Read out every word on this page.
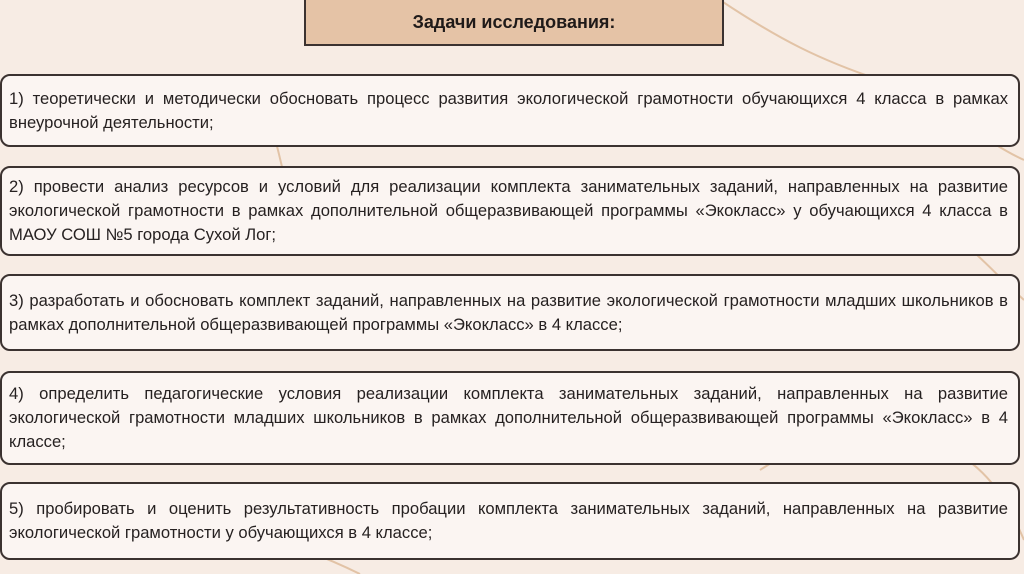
Задачи исследования:

1) теоретически и методически обосновать процесс развития экологической грамотности обучающихся 4 класса в рамках внеурочной деятельности;

2) провести анализ ресурсов и условий для реализации комплекта занимательных заданий, направленных на развитие экологической грамотности в рамках дополнительной общеразвивающей программы «Экокласс» у обучающихся 4 класса в МАОУ СОШ №5 города Сухой Лог;

3) разработать и обосновать комплект заданий, направленных на развитие экологической грамотности младших школьников в рамках дополнительной общеразвивающей программы «Экокласс» в 4 классе;

4) определить педагогические условия реализации комплекта занимательных заданий, направленных на развитие экологической грамотности младших школьников в рамках дополнительной общеразвивающей программы «Экокласс» в 4 классе;

5) пробировать и оценить результативность пробации комплекта занимательных заданий, направленных на развитие экологической грамотности у обучающихся в 4 классе;
